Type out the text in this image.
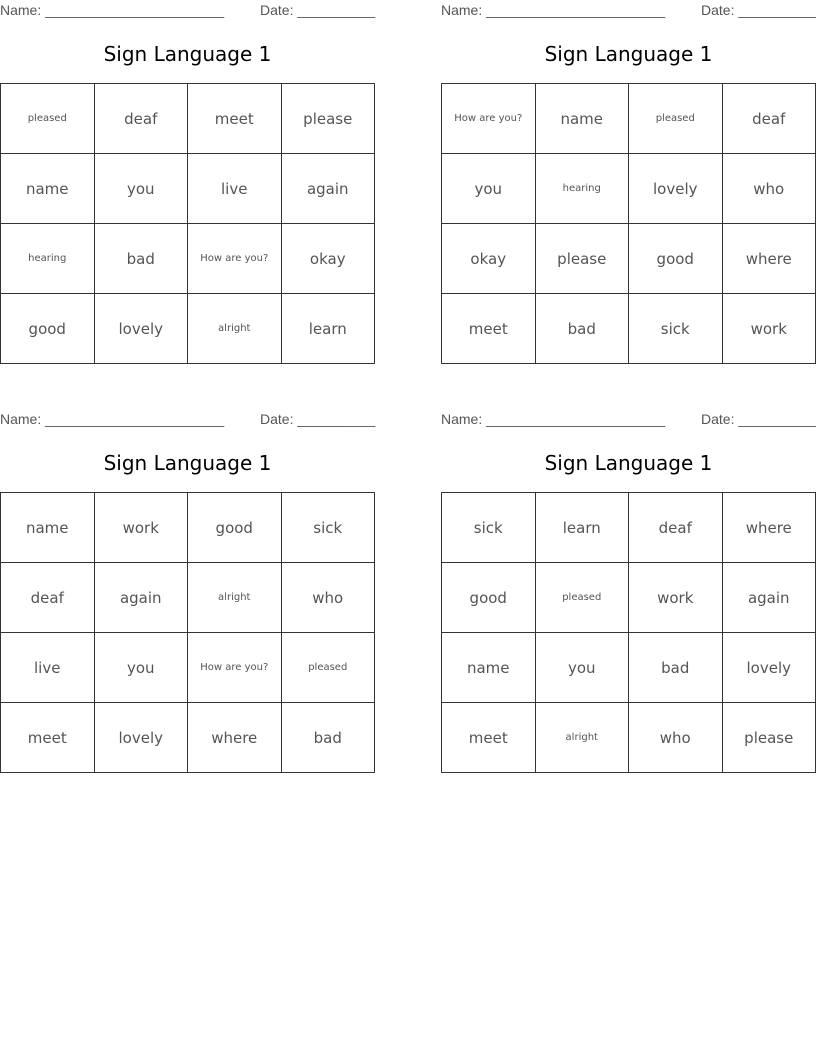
Name: _______________________	Date: __________
Sign Language 1
pleased	deaf	meet	please
name	you	live	again
hearing	bad	How are you?	okay
good	lovely	alright	learn
Name: _______________________	Date: __________
Sign Language 1
How are you?	name	pleased	deaf
you	hearing	lovely	who
okay	please	good	where
meet	bad	sick	work
Name: _______________________	Date: __________
Sign Language 1
name	work	good	sick
deaf	again	alright	who
live	you	How are you?	pleased
meet	lovely	where	bad
Name: _______________________	Date: __________
Sign Language 1
sick	learn	deaf	where
good	pleased	work	again
name	you	bad	lovely
meet	alright	who	please
